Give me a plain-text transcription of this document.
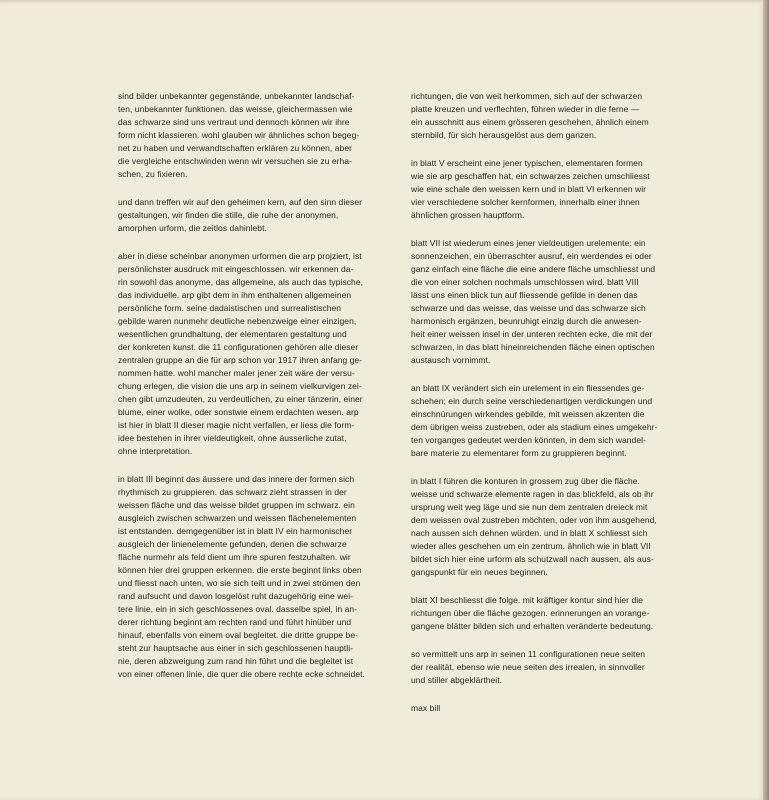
sind bilder unbekannter gegenstände, unbekannter landschaf-
ten, unbekannter funktionen. das weisse, gleichermassen wie
das schwarze sind uns vertraut und dennoch können wir ihre
form nicht klassieren. wohl glauben wir ähnliches schon begeg-
net zu haben und verwandtschaften erklären zu können, aber
die vergleiche entschwinden wenn wir versuchen sie zu erha-
schen, zu fixieren.

und dann treffen wir auf den geheimen kern, auf den sinn dieser
gestaltungen, wir finden die stille, die ruhe der anonymen,
amorphen urform, die zeitlos dahinlebt.

aber in diese scheinbar anonymen urformen die arp projziert, ist
persönlichster ausdruck mit eingeschlossen. wir erkennen da-
rin sowohl das anonyme, das allgemeine, als auch das typische,
das individuelle. arp gibt dem in ihm enthaltenen allgemeinen
persönliche form. seine dadaistischen und surrealistischen
gebilde waren nunmehr deutliche nebenzweige einer einzigen,
wesentlichen grundhaltung, der elementaren gestaltung und
der konkreten kunst. die 11 configurationen gehören alle dieser
zentralen gruppe an die für arp schon vor 1917 ihren anfang ge-
nommen hatte. wohl mancher maler jener zeit wäre der versu-
chung erlegen, die vision die uns arp in seinem vielkurvigen zei-
chen gibt umzudeuten, zu verdeutlichen, zu einer tänzerin, einer
blume, einer wolke, oder sonstwie einem erdachten wesen. arp
ist hier in blatt II dieser magie nicht verfallen, er liess die form-
idee bestehen in ihrer vieldeutigkeit, ohne äusserliche zutat,
ohne interpretation.

in blatt III beginnt das äussere und das innere der formen sich
rhythmisch zu gruppieren. das schwarz zieht strassen in der
weissen fläche und das weisse bildet gruppen im schwarz. ein
ausgleich zwischen schwarzen und weissen flächenelementen
ist entstanden. demgegenüber ist in blatt IV ein harmonischer
ausgleich der linienelemente gefunden, denen die schwarze
fläche nurmehr als feld dient um ihre spuren festzuhalten. wir
können hier drei gruppen erkennen. die erste beginnt links oben
und fliesst nach unten, wo sie sich teilt und in zwei strömen den
rand aufsucht und davon losgelöst ruht dazugehörig eine wei-
tere linie, ein in sich geschlossenes oval. dasselbe spiel, in an-
derer richtung beginnt am rechten rand und führt hinüber und
hinauf, ebenfalls von einem oval begleitet. die dritte gruppe be-
steht zur hauptsache aus einer in sich geschlossenen hauptli-
nie, deren abzweigung zum rand hin führt und die begleitet ist
von einer offenen linie, die quer die obere rechte ecke schneidet.

richtungen, die von weit herkommen, sich auf der schwarzen
platte kreuzen und verflechten, führen wieder in die ferne —
ein ausschnitt aus einem grösseren geschehen, ähnlich einem
sternbild, für sich herausgelöst aus dem ganzen.

in blatt V erscheint eine jener typischen, elementaren formen
wie sie arp geschaffen hat, ein schwarzes zeichen umschliesst
wie eine schale den weissen kern und in blatt VI erkennen wir
vier verschiedene solcher kernformen, innerhalb einer ihnen
ähnlichen grossen hauptform.

blatt VII ist wiederum eines jener vieldeutigen urelemente: ein
sonnenzeichen, ein überraschter ausruf, ein werdendes ei oder
ganz einfach eine fläche die eine andere fläche umschliesst und
die von einer solchen nochmals umschlossen wird. blatt VIII
lässt uns einen blick tun auf fliessende gefilde in denen das
schwarze und das weisse, das weisse und das schwarze sich
harmonisch ergänzen, beunruhigt einzig durch die anwesen-
heit einer weissen insel in der unteren rechten ecke, die mit der
schwarzen, in das blatt hineinreichenden fläche einen optischen
austausch vornimmt.

an blatt IX verändert sich ein urelement in ein fliessendes ge-
schehen; ein durch seine verschiedenartigen verdickungen und
einschnürungen wirkendes gebilde, mit weissen akzenten die
dem übrigen weiss zustreben, oder als stadium eines umgekehr-
ten vorganges gedeutet werden könnten, in dem sich wandel-
bare materie zu elementarer form zu gruppieren beginnt.

in blatt I führen die konturen in grossem zug über die fläche.
weisse und schwarze elemente ragen in das blickfeld, als ob ihr
ursprung weit weg läge und sie nun dem zentralen dreieck mit
dem weissen oval zustreben möchten, oder von ihm ausgehend,
nach aussen sich dehnen würden. und in blatt X schliesst sich
wieder alles geschehen um ein zentrum. ähnlich wie in blatt VII
bildet sich hier eine urform als schutzwall nach aussen, als aus-
gangspunkt für ein neues beginnen.

blatt XI beschliesst die folge. mit kräftiger kontur sind hier die
richtungen über die fläche gezogen. erinnerungen an vorange-
gangene blätter bilden sich und erhalten veränderte bedeutung.

so vermittelt uns arp in seinen 11 configurationen neue seiten
der realität, ebenso wie neue seiten des irrealen, in sinnvoller
und stiller abgeklärtheit.

max bill
